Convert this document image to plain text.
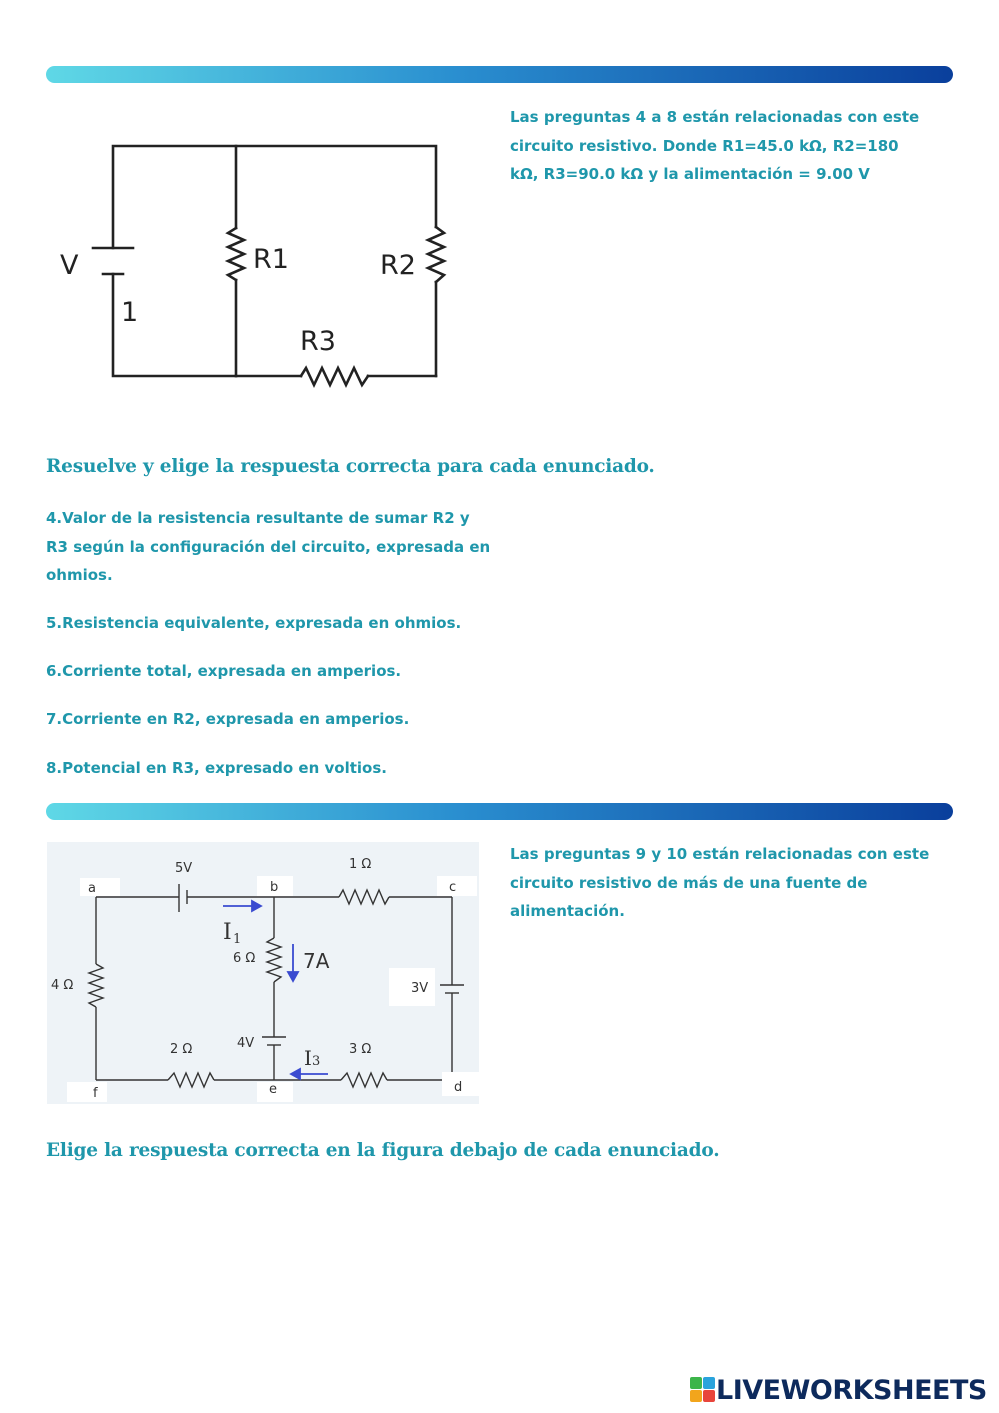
V
1
R1	R2
R3

Las preguntas 4 a 8 están relacionadas con este circuito resistivo. Donde R1=45.0 kΩ, R2=180 kΩ, R3=90.0 kΩ y la alimentación = 9.00 V

Resuelve y elige la respuesta correcta para cada enunciado.

4.Valor de la resistencia resultante de sumar R2 y R3 según la configuración del circuito, expresada en ohmios.

5.Resistencia equivalente, expresada en ohmios.

6.Corriente total, expresada en amperios.

7.Corriente en R2, expresada en amperios.

8.Potencial en R3, expresado en voltios.

a	b	c
d
e
f
5V	1 Ω
6 Ω
4 Ω	3V
2 Ω	4V	3 Ω
I 1
I 3
7A

Las preguntas 9 y 10 están relacionadas con este circuito resistivo de más de una fuente de alimentación.

Elige la respuesta correcta en la figura debajo de cada enunciado.
LIVEWORKSHEETS
